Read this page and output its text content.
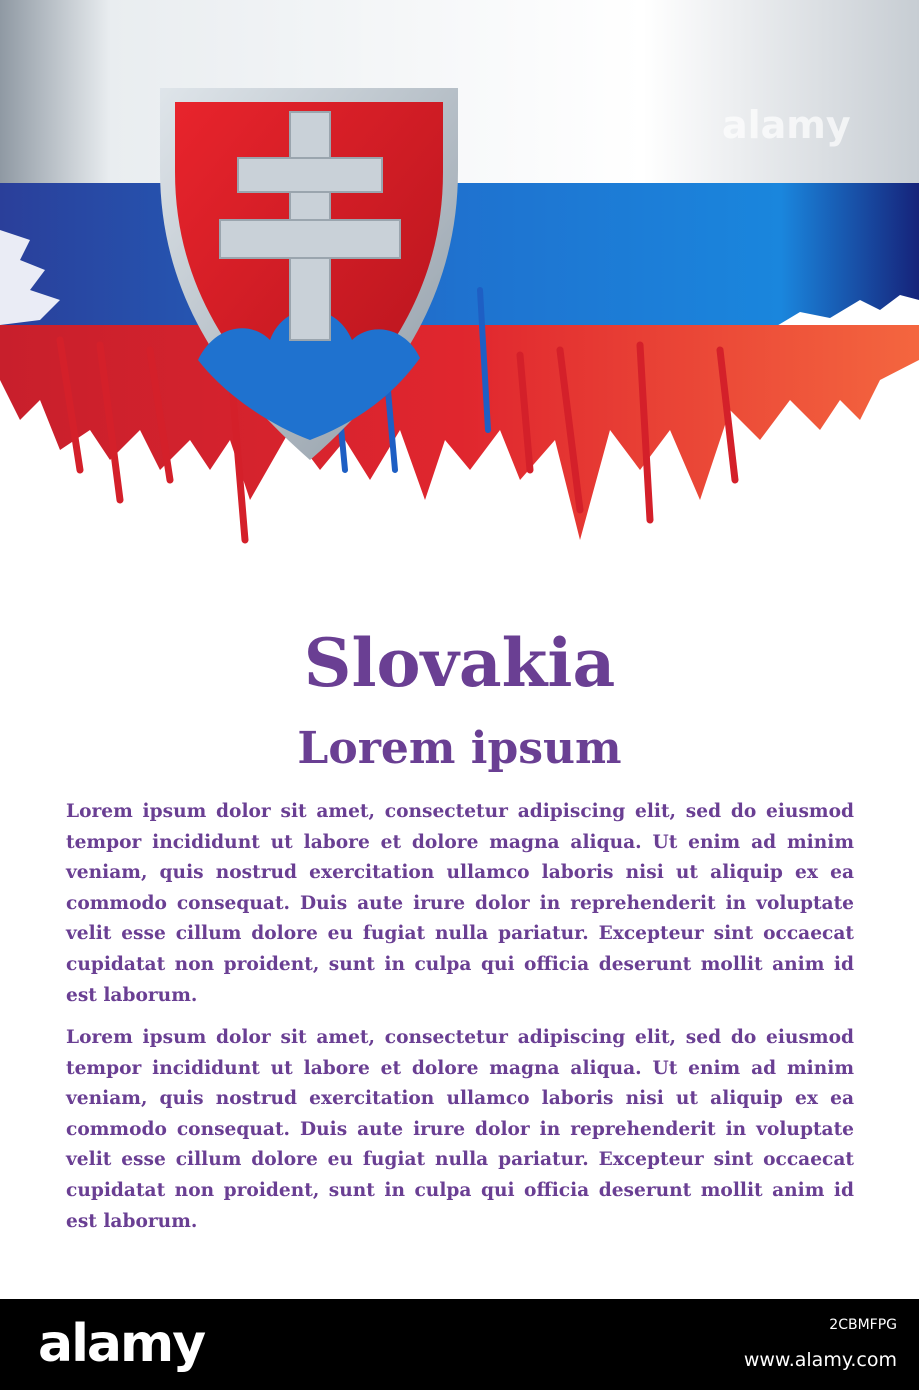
alamy
Slovakia
Lorem ipsum

Lorem ipsum dolor sit amet, consectetur adipiscing elit, sed do eiusmod tempor incididunt ut labore et dolore magna aliqua. Ut enim ad minim veniam, quis nostrud exercitation ullamco laboris nisi ut aliquip ex ea commodo consequat. Duis aute irure dolor in reprehenderit in voluptate velit esse cillum dolore eu fugiat nulla pariatur. Excepteur sint occaecat cupidatat non proident, sunt in culpa qui officia deserunt mollit anim id est laborum.

Lorem ipsum dolor sit amet, consectetur adipiscing elit, sed do eiusmod tempor incididunt ut labore et dolore magna aliqua. Ut enim ad minim veniam, quis nostrud exercitation ullamco laboris nisi ut aliquip ex ea commodo consequat. Duis aute irure dolor in reprehenderit in voluptate velit esse cillum dolore eu fugiat nulla pariatur. Excepteur sint occaecat cupidatat non proident, sunt in culpa qui officia deserunt mollit anim id est laborum.

alamy	2CBMFPG
www.alamy.com
